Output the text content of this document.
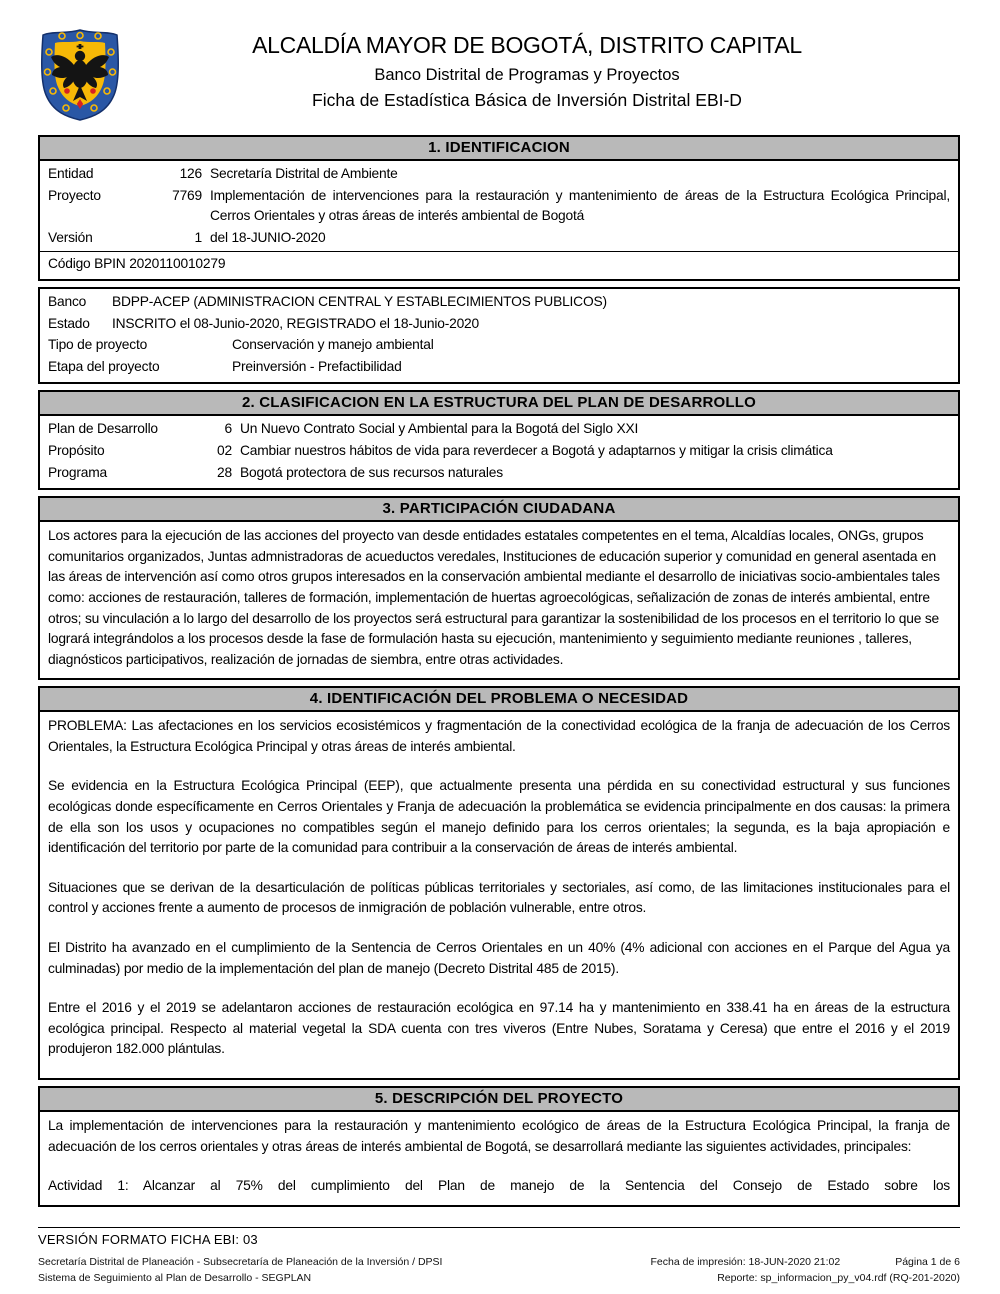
ALCALDÍA MAYOR DE BOGOTÁ, DISTRITO CAPITAL
Banco Distrital de Programas y Proyectos
Ficha de Estadística Básica de Inversión Distrital EBI-D
1. IDENTIFICACION
Entidad	126 Secretaría Distrital de Ambiente
Proyecto	7769 Implementación de intervenciones para la restauración y mantenimiento de áreas de la Estructura Ecológica Principal, Cerros Orientales y otras áreas de interés ambiental de Bogotá
Versión	1 del 18-JUNIO-2020
Código BPIN 2020110010279
Banco	BDPP-ACEP (ADMINISTRACION CENTRAL Y ESTABLECIMIENTOS PUBLICOS)
Estado	INSCRITO el 08-Junio-2020, REGISTRADO el 18-Junio-2020
Tipo de proyecto	Conservación y manejo ambiental
Etapa del proyecto	Preinversión - Prefactibilidad
2. CLASIFICACION EN LA ESTRUCTURA DEL PLAN DE DESARROLLO
Plan de Desarrollo	6 Un Nuevo Contrato Social y Ambiental para la Bogotá del Siglo XXI
Propósito	02 Cambiar nuestros hábitos de vida para reverdecer a Bogotá y adaptarnos y mitigar la crisis climática
Programa	28 Bogotá protectora de sus recursos naturales
3. PARTICIPACIÓN CIUDADANA

Los actores para la ejecución de las acciones del proyecto van desde entidades estatales competentes en el tema, Alcaldías locales, ONGs, grupos comunitarios organizados, Juntas admnistradoras de acueductos veredales, Instituciones de educación superior y comunidad en general asentada en las áreas de intervención así como otros grupos interesados en la conservación ambiental mediante el desarrollo de iniciativas socio-ambientales tales como: acciones de restauración, talleres de formación, implementación de huertas agroecológicas, señalización de zonas de interés ambiental, entre otros; su vinculación a lo largo del desarrollo de los proyectos será estructural para garantizar la sostenibilidad de los procesos en el territorio lo que se logrará integrándolos a los procesos desde la fase de formulación hasta su ejecución, mantenimiento y seguimiento mediante reuniones , talleres, diagnósticos participativos, realización de jornadas de siembra, entre otras actividades.

4. IDENTIFICACIÓN DEL PROBLEMA O NECESIDAD

PROBLEMA: Las afectaciones en los servicios ecosistémicos y fragmentación de la conectividad ecológica de la franja de adecuación de los Cerros Orientales, la Estructura Ecológica Principal y otras áreas de interés ambiental.

Se evidencia en la Estructura Ecológica Principal (EEP), que actualmente presenta una pérdida en su conectividad estructural y sus funciones ecológicas donde específicamente en Cerros Orientales y Franja de adecuación la problemática se evidencia principalmente en dos causas: la primera de ella son los usos y ocupaciones no compatibles según el manejo definido para los cerros orientales; la segunda, es la baja apropiación e identificación del territorio por parte de la comunidad para contribuir a la conservación de áreas de interés ambiental.

Situaciones que se derivan de la desarticulación de políticas públicas territoriales y sectoriales, así como, de las limitaciones institucionales para el control y acciones frente a aumento de procesos de inmigración de población vulnerable, entre otros.

El Distrito ha avanzado en el cumplimiento de la Sentencia de Cerros Orientales en un 40% (4% adicional con acciones en el Parque del Agua ya culminadas) por medio de la implementación del plan de manejo (Decreto Distrital 485 de 2015).

Entre el 2016 y el 2019 se adelantaron acciones de restauración ecológica en 97.14 ha y mantenimiento en 338.41 ha en áreas de la estructura ecológica principal. Respecto al material vegetal la SDA cuenta con tres viveros (Entre Nubes, Soratama y Ceresa) que entre el 2016 y el 2019 produjeron 182.000 plántulas.

5. DESCRIPCIÓN DEL PROYECTO

La implementación de intervenciones para la restauración y mantenimiento ecológico de áreas de la Estructura Ecológica Principal, la franja de adecuación de los cerros orientales y otras áreas de interés ambiental de Bogotá, se desarrollará mediante las siguientes actividades, principales:

Actividad 1: Alcanzar al 75% del cumplimiento del Plan de manejo de la Sentencia del Consejo de Estado sobre los

VERSIÓN FORMATO FICHA EBI: 03
Secretaría Distrital de Planeación - Subsecretaría de Planeación de la Inversión / DPSI	Fecha de impresión: 18-JUN-2020 21:02	Página 1 de 6
Sistema de Seguimiento al Plan de Desarrollo - SEGPLAN	Reporte: sp_informacion_py_v04.rdf (RQ-201-2020)
